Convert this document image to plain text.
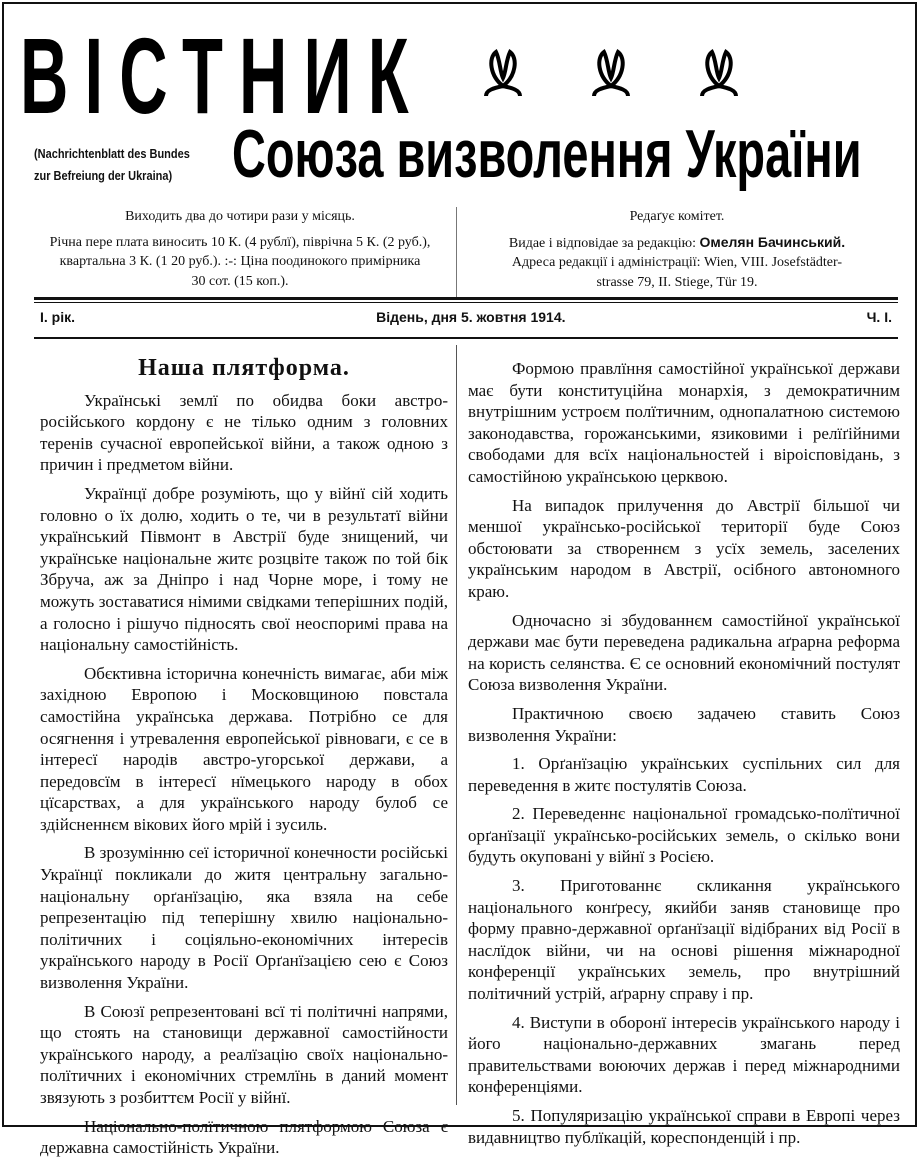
ВІСТНИК
(Nachrichtenblatt des Bundes
zur Befreiung der Ukraina) Союза визволення України
Виходить два до чотири рази у місяць.
Річна пере плата виносить 10 К. (4 рублї), піврічна 5 К. (2 руб.),
квартальна 3 К. (1 20 руб.). :-: Ціна поодинокого примірника
30 сот. (15 коп.).
Редаґує комітет.
Видае і відповідае за редакцію: Омелян Бачинський.
Адреса редакції і адміністрації: Wien, VIII. Josefstädter-
strasse 79, II. Stiege, Tür 19.
І. рік.	Відень, дня 5. жовтня 1914.	Ч. І.
Наша плятформа.

Українські землї по обидва боки австро-російського кордону є не тілько одним з головних теренів сучасної европейської війни, а також одною з причин і предметом війни.

Українцї добре розуміють, що у війнї сій ходить головно о їх долю, ходить о те, чи в результатї війни український Півмонт в Австрії буде знищений, чи українське національне житє розцвіте також по той бік Збруча, аж за Дніпро і над Чорне море, і тому не можуть зоставатися німими свідками теперішних подій, а голосно і рішучо підносять свої неоспоримі права на національну самостійність.

Обєктивна історична конечність вимагає, аби між західною Европою і Московщиною повстала самостійна українська держава. Потрібно се для осягнення і утревалення европейської рівноваги, є се в інтересї народів австро-угорської держави, а передовсїм в інтересї нїмецького народу в обох цїсарствах, а для українського народу булоб се здійсненнєм вікових його мрій і зусиль.

В зрозумінню сеї історичної конечности російські Українцї покликали до житя центральну загально-національну орґанїзацію, яка взяла на себе репрезентацію під теперішну хвилю національно-політичних і соціяльно-економічних інтересів українського народу в Росії Орґанїзацією сею є Союз визволення України.

В Союзї репрезентовані всї ті політичні напрями, що стоять на становищи державної самостійности українського народу, а реалїзацію своїх національно-полїтичних і економічних стремлїнь в даний момент звязують з розбиттєм Росії у війнї.

Національно-полїтичною плятформою Союза є державна самостійність України.

Формою правлїння самостійної української держави має бути конституційна монархія, з демократичним внутрішним устроєм полїтичним, однопалатною системою законодавства, горожанськими, язиковими і релїґійними свободами для всїх національностей і віроісповідань, з самостійною українською церквою.

На випадок прилучення до Австрії більшої чи меншої українсько-російської території буде Союз обстоювати за створеннєм з усїх земель, заселених українським народом в Австрії, осібного автономного краю.

Одночасно зі збудованнєм самостійної української держави має бути переведена радикальна аґрарна реформа на користь селянства. Є се основний економічний постулят Союза визволення України.

Практичною своєю задачею ставить Союз визволення України:

1. Орґанїзацію українських суспільних сил для переведення в житє постулятів Союза.

2. Переведеннє національної громадсько-полїтичної орґанїзації українсько-російських земель, о скілько вони будуть окуповані у війнї з Росією.

3. Приготованнє скликання українського національного конґресу, якийби заняв становище про форму правно-державної орґанїзації відібраних від Росії в наслїдок війни, чи на основі рішення міжнародної конференції українських земель, про внутрішний політичний устрій, аґрарну справу і пр.

4. Виступи в оборонї інтересів українського народу і його національно-державних змагань перед правительствами воюючих держав і перед міжнародними конференціями.

5. Популяризацію української справи в Европі через видавництво публїкацій, кореспонденцій і пр.
